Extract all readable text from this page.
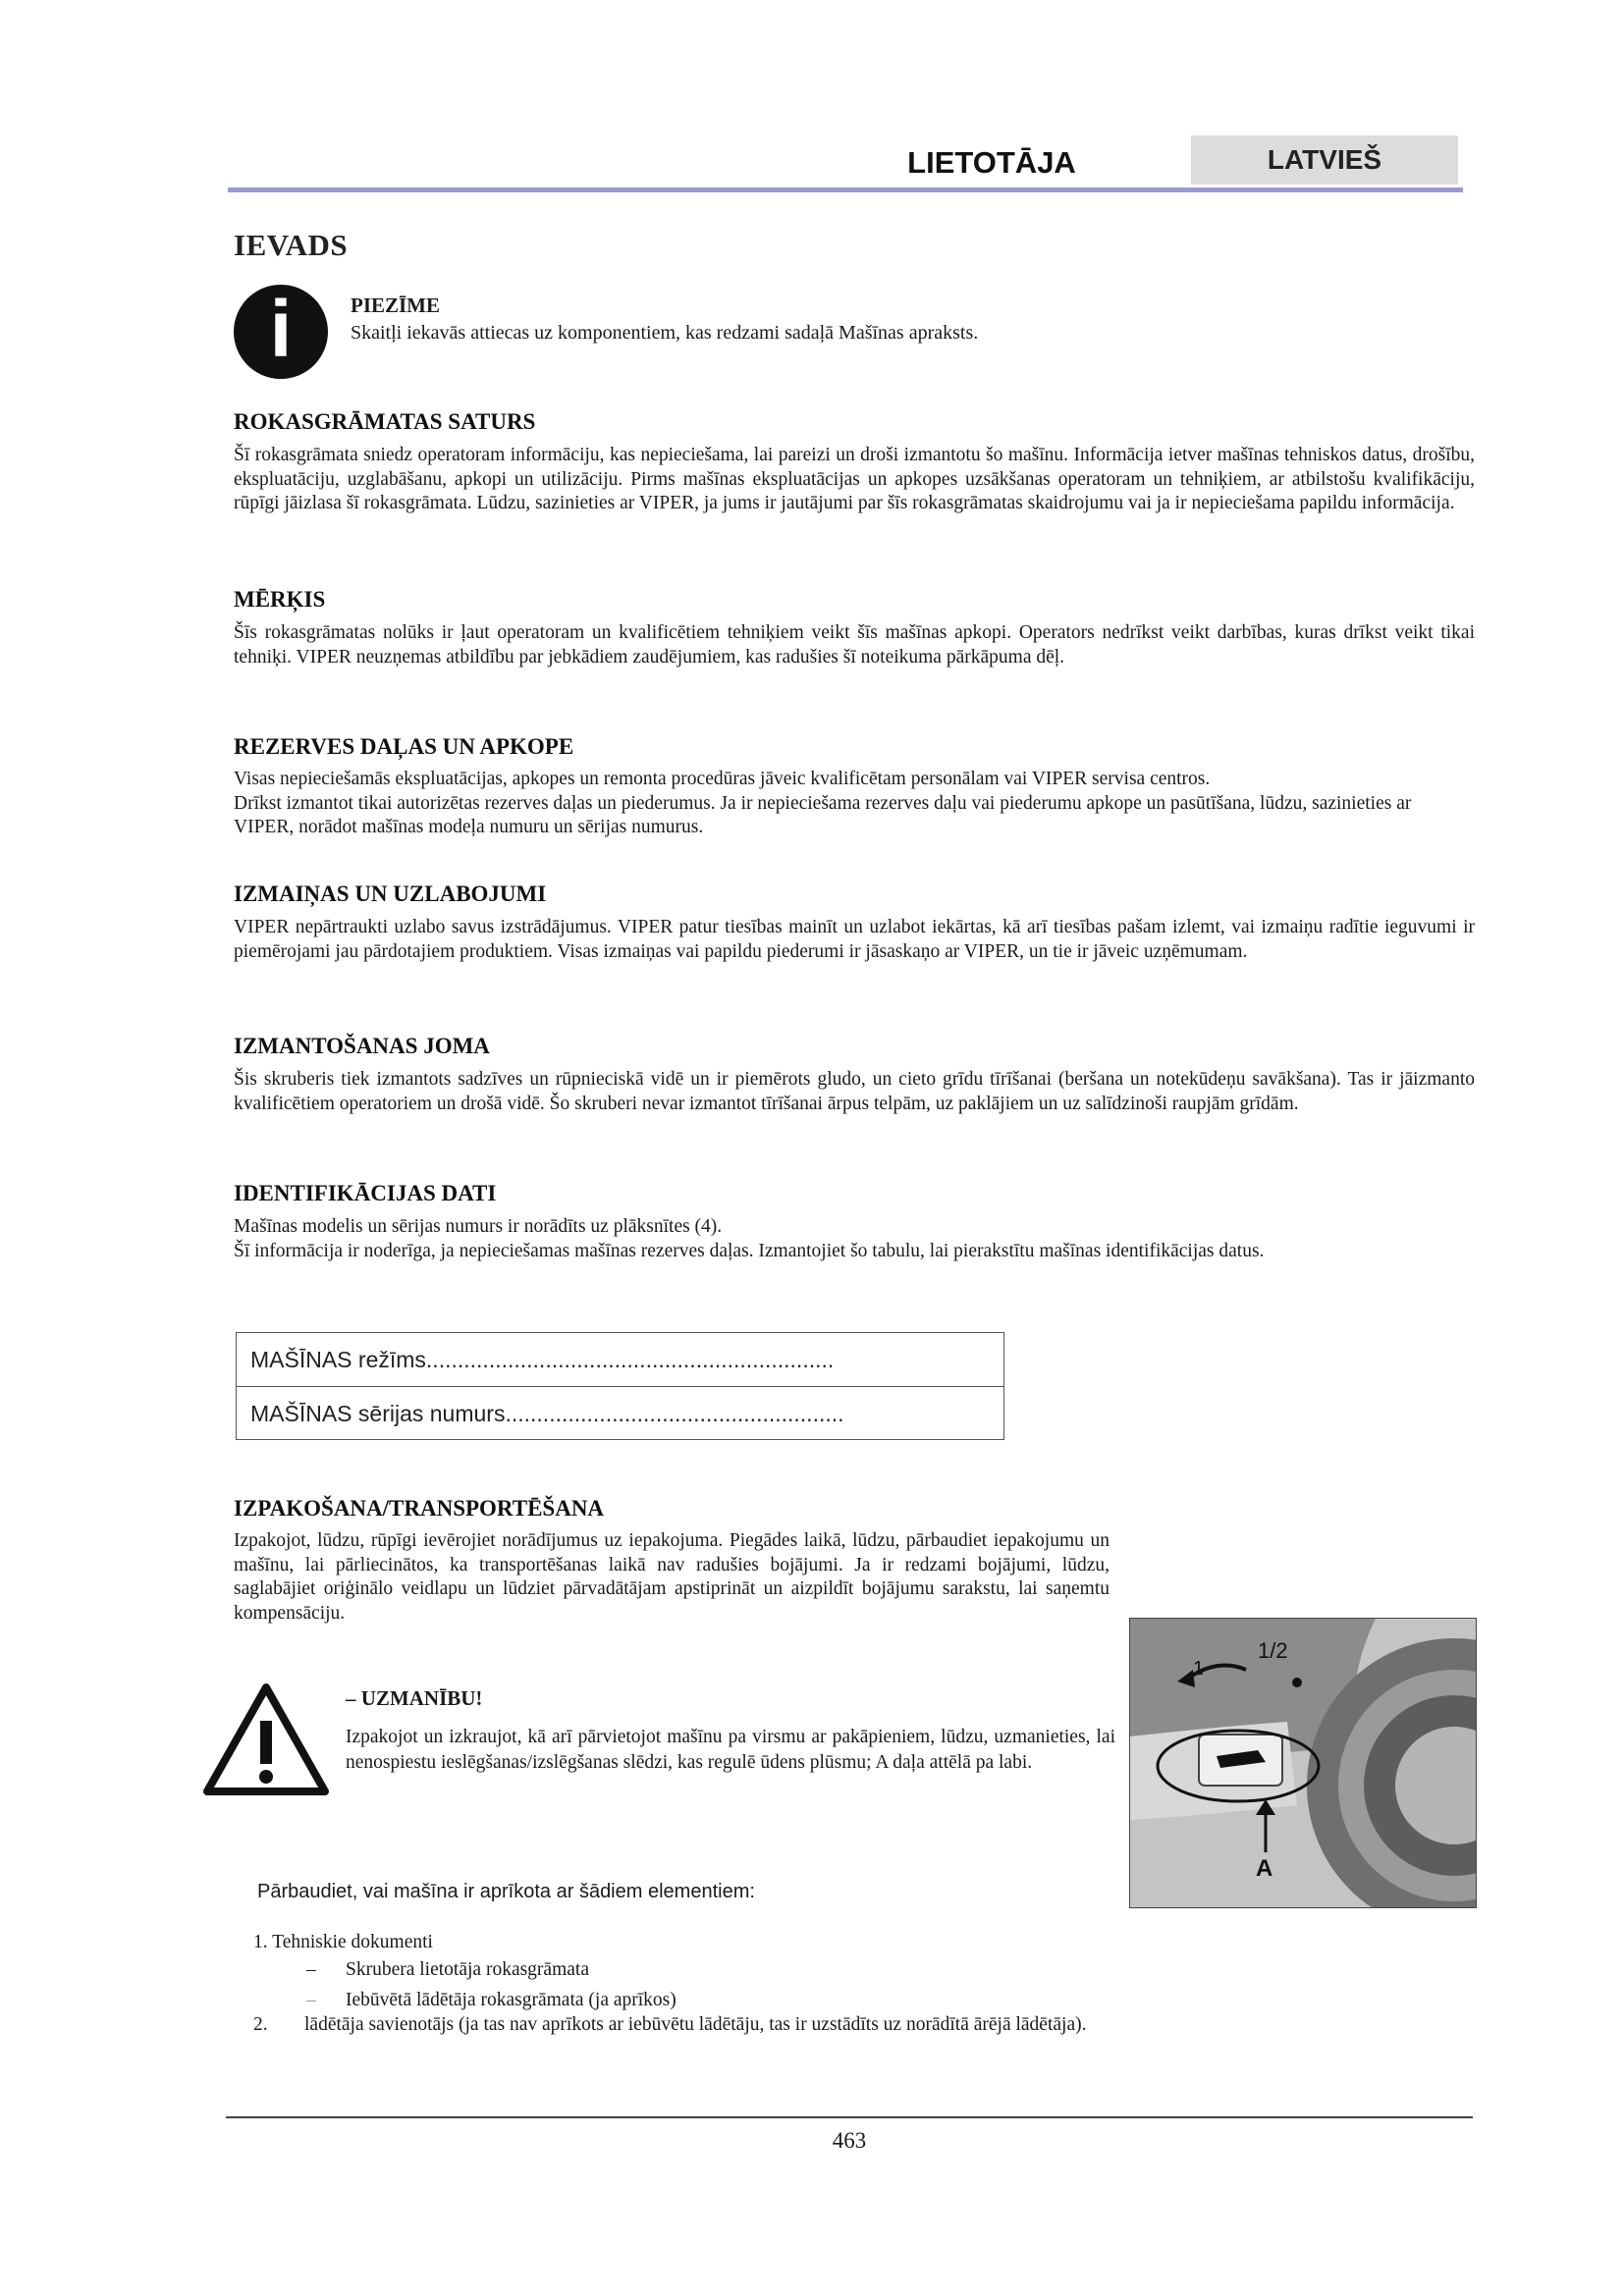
LIETOTĀJA	LATVIEŠ
IEVADS
i	PIEZĪME
Skaitļi iekavās attiecas uz komponentiem, kas redzami sadaļā Mašīnas apraksts.
ROKASGRĀMATAS SATURS

Šī rokasgrāmata sniedz operatoram informāciju, kas nepieciešama, lai pareizi un droši izmantotu šo mašīnu. Informācija ietver mašīnas tehniskos datus, drošību, ekspluatāciju, uzglabāšanu, apkopi un utilizāciju. Pirms mašīnas ekspluatācijas un apkopes uzsākšanas operatoram un tehniķiem, ar atbilstošu kvalifikāciju, rūpīgi jāizlasa šī rokasgrāmata. Lūdzu, sazinieties ar VIPER, ja jums ir jautājumi par šīs rokasgrāmatas skaidrojumu vai ja ir nepieciešama papildu informācija.

MĒRĶIS

Šīs rokasgrāmatas nolūks ir ļaut operatoram un kvalificētiem tehniķiem veikt šīs mašīnas apkopi. Operators nedrīkst veikt darbības, kuras drīkst veikt tikai tehniķi. VIPER neuzņemas atbildību par jebkādiem zaudējumiem, kas radušies šī noteikuma pārkāpuma dēļ.

REZERVES DAĻAS UN APKOPE

Visas nepieciešamās ekspluatācijas, apkopes un remonta procedūras jāveic kvalificētam personālam vai VIPER servisa centros.

Drīkst izmantot tikai autorizētas rezerves daļas un piederumus. Ja ir nepieciešama rezerves daļu vai piederumu apkope un pasūtīšana, lūdzu, sazinieties ar VIPER, norādot mašīnas modeļa numuru un sērijas numurus.

IZMAIŅAS UN UZLABOJUMI

VIPER nepārtraukti uzlabo savus izstrādājumus. VIPER patur tiesības mainīt un uzlabot iekārtas, kā arī tiesības pašam izlemt, vai izmaiņu radītie ieguvumi ir piemērojami jau pārdotajiem produktiem. Visas izmaiņas vai papildu piederumi ir jāsaskaņo ar VIPER, un tie ir jāveic uzņēmumam.

IZMANTOŠANAS JOMA

Šis skruberis tiek izmantots sadzīves un rūpnieciskā vidē un ir piemērots gludo, un cieto grīdu tīrīšanai (beršana un notekūdeņu savākšana). Tas ir jāizmanto kvalificētiem operatoriem un drošā vidē. Šo skruberi nevar izmantot tīrīšanai ārpus telpām, uz paklājiem un uz salīdzinoši raupjām grīdām.

IDENTIFIKĀCIJAS DATI

Mašīnas modelis un sērijas numurs ir norādīts uz plāksnītes (4).

Šī informācija ir noderīga, ja nepieciešamas mašīnas rezerves daļas. Izmantojiet šo tabulu, lai pierakstītu mašīnas identifikācijas datus.

MAŠĪNAS režīms.................................................................
MAŠĪNAS sērijas numurs......................................................
IZPAKOŠANA/TRANSPORTĒŠANA
Izpakojot, lūdzu, rūpīgi ievērojiet norādījumus uz iepakojuma. Piegādes laikā, lūdzu, pārbaudiet iepakojumu un mašīnu, lai pārliecinātos, ka transportēšanas laikā nav radušies bojājumi. Ja ir redzami bojājumi, lūdzu, saglabājiet oriģinālo veidlapu un lūdziet pārvadātājam apstiprināt un aizpildīt bojājumu sarakstu, lai saņemtu kompensāciju.
1/2
1
A
– UZMANĪBU!
Izpakojot un izkraujot, kā arī pārvietojot mašīnu pa virsmu ar pakāpieniem, lūdzu, uzmanieties, lai nenospiestu ieslēgšanas/izslēgšanas slēdzi, kas regulē ūdens plūsmu; A daļa attēlā pa labi.
Pārbaudiet, vai mašīna ir aprīkota ar šādiem elementiem:
1. Tehniskie dokumenti
– Skrubera lietotāja rokasgrāmata
– Iebūvētā lādētāja rokasgrāmata (ja aprīkos)
2. lādētāja savienotājs (ja tas nav aprīkots ar iebūvētu lādētāju, tas ir uzstādīts uz norādītā ārējā lādētāja).
463
